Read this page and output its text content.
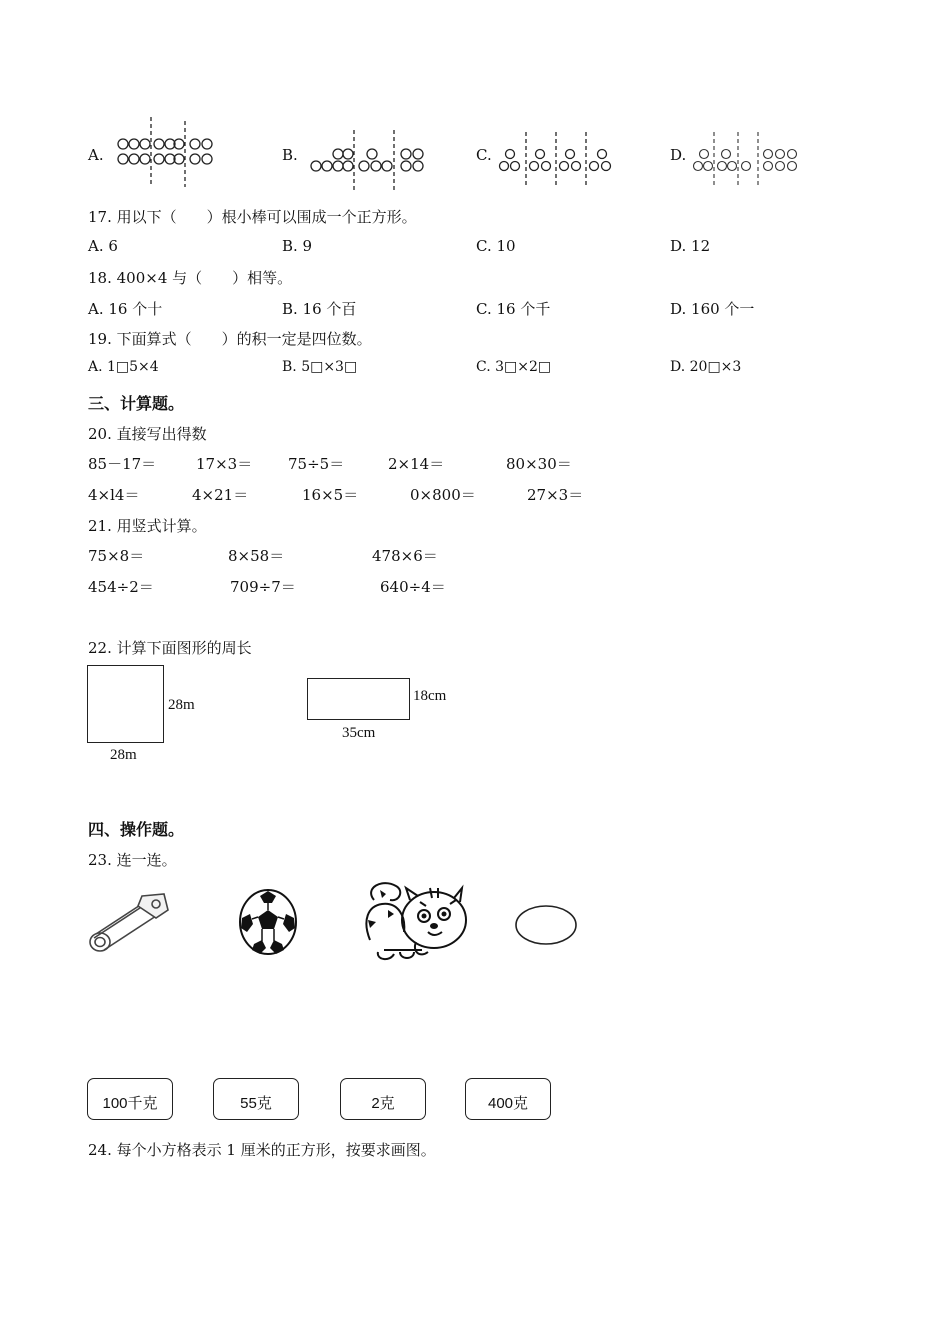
A.	B.	C.	D.
17. 用以下（　　）根小棒可以围成一个正方形。
A. 6	B. 9	C. 10	D. 12
18. 400×4 与（　　）相等。
A. 16 个十	B. 16 个百	C. 16 个千	D. 160 个一
19. 下面算式（　　）的积一定是四位数。
A. 1□5×4	B. 5□×3□	C. 3□×2□	D. 20□×3
三、计算题。
20. 直接写出得数
85－17＝	17×3＝ 75÷5＝	2×14＝	80×30＝
4×l4＝	4×21＝	16×5＝	0×800＝	27×3＝
21. 用竖式计算。
75×8＝	8×58＝	478×6＝
454÷2＝	709÷7＝	640÷4＝
22. 计算下面图形的周长
28m
28m
18cm
35cm
四、操作题。
23. 连一连。
100千克	55克	2克	400克
24. 每个小方格表示 1 厘米的正方形，按要求画图。
